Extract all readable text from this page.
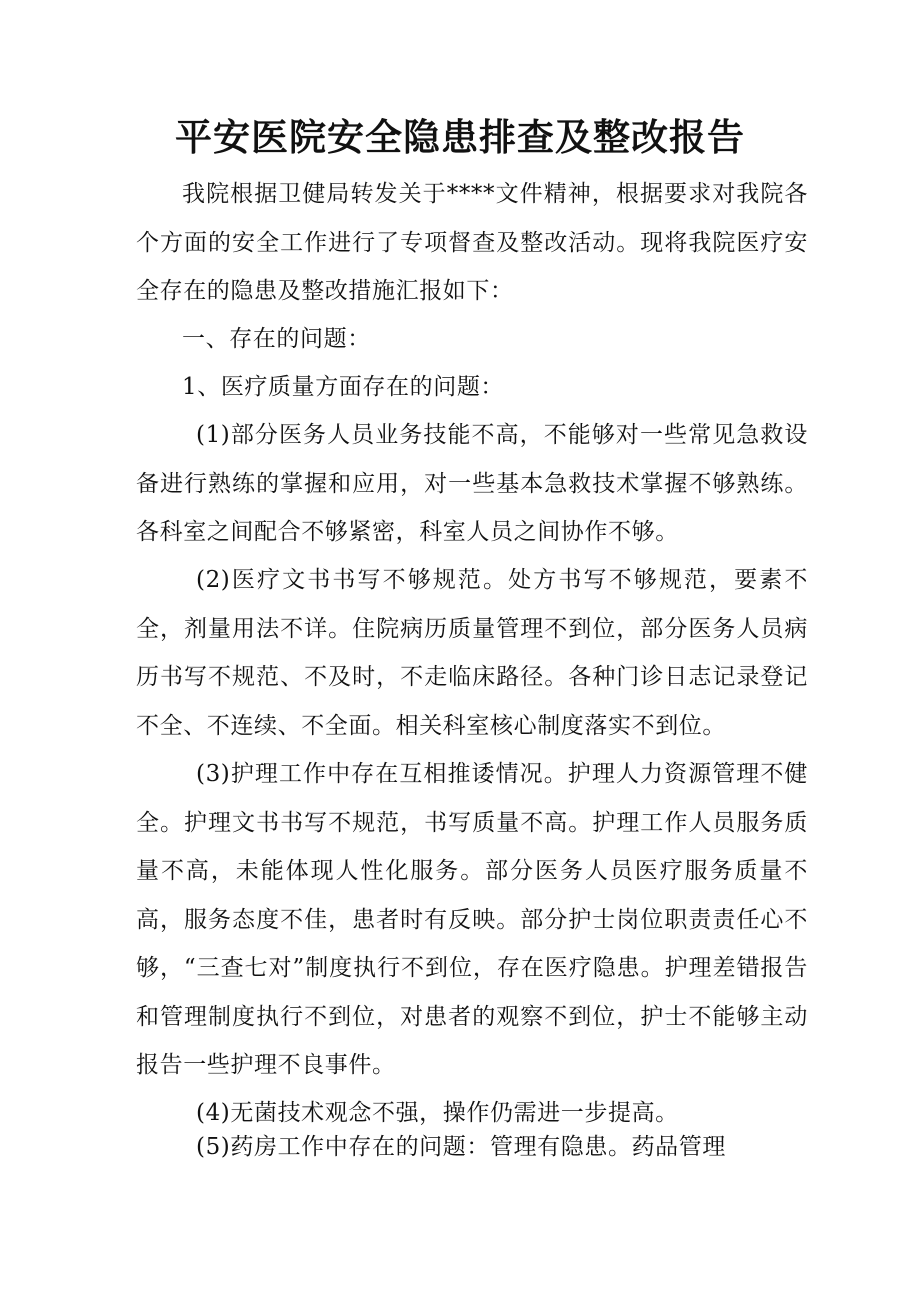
平安医院安全隐患排查及整改报告

我院根据卫健局转发关于****文件精神，根据要求对我院各个方面的安全工作进行了专项督查及整改活动。现将我院医疗安全存在的隐患及整改措施汇报如下：

一、存在的问题：

1、医疗质量方面存在的问题：

(1)部分医务人员业务技能不高，不能够对一些常见急救设备进行熟练的掌握和应用，对一些基本急救技术掌握不够熟练。各科室之间配合不够紧密，科室人员之间协作不够。

(2)医疗文书书写不够规范。处方书写不够规范，要素不全，剂量用法不详。住院病历质量管理不到位，部分医务人员病历书写不规范、不及时，不走临床路径。各种门诊日志记录登记不全、不连续、不全面。相关科室核心制度落实不到位。

(3)护理工作中存在互相推诿情况。护理人力资源管理不健全。护理文书书写不规范，书写质量不高。护理工作人员服务质量不高，未能体现人性化服务。部分医务人员医疗服务质量不高，服务态度不佳，患者时有反映。部分护士岗位职责责任心不够，“三查七对”制度执行不到位，存在医疗隐患。护理差错报告和管理制度执行不到位，对患者的观察不到位，护士不能够主动报告一些护理不良事件。

(4)无菌技术观念不强，操作仍需进一步提高。

(5)药房工作中存在的问题：管理有隐患。药品管理
